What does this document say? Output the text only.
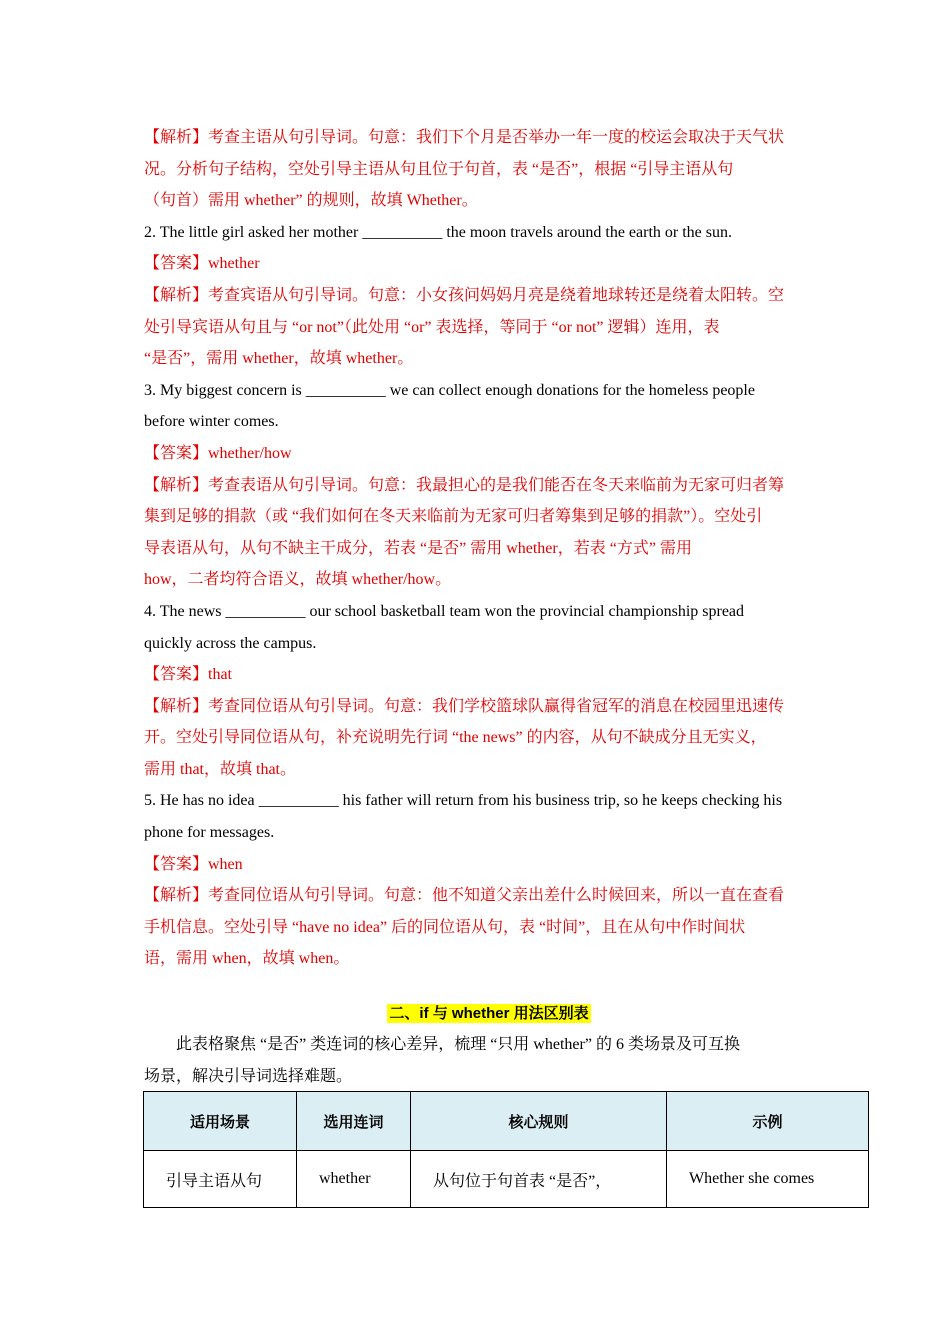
【解析】考查主语从句引导词。句意：我们下个月是否举办一年一度的校运会取决于天气状

况。分析句子结构，空处引导主语从句且位于句首，表 “是否”，根据 “引导主语从句

（句首）需用 whether” 的规则，故填 Whether。

2. The little girl asked her mother __________ the moon travels around the earth or the sun.

【答案】whether

【解析】考查宾语从句引导词。句意：小女孩问妈妈月亮是绕着地球转还是绕着太阳转。空

处引导宾语从句且与 “or not”（此处用 “or” 表选择，等同于 “or not” 逻辑）连用，表

“是否”，需用 whether，故填 whether。

3. My biggest concern is __________ we can collect enough donations for the homeless people

before winter comes.

【答案】whether/how

【解析】考查表语从句引导词。句意：我最担心的是我们能否在冬天来临前为无家可归者筹

集到足够的捐款（或 “我们如何在冬天来临前为无家可归者筹集到足够的捐款”）。空处引

导表语从句，从句不缺主干成分，若表 “是否” 需用 whether，若表 “方式” 需用

how，二者均符合语义，故填 whether/how。

4. The news __________ our school basketball team won the provincial championship spread

quickly across the campus.

【答案】that

【解析】考查同位语从句引导词。句意：我们学校篮球队赢得省冠军的消息在校园里迅速传

开。空处引导同位语从句，补充说明先行词 “the news” 的内容，从句不缺成分且无实义，

需用 that，故填 that。

5. He has no idea __________ his father will return from his business trip, so he keeps checking his

phone for messages.

【答案】when

【解析】考查同位语从句引导词。句意：他不知道父亲出差什么时候回来，所以一直在查看

手机信息。空处引导 “have no idea” 后的同位语从句，表 “时间”，且在从句中作时间状

语，需用 when，故填 when。

二、if 与 whether 用法区别表

此表格聚焦 “是否” 类连词的核心差异，梳理 “只用 whether” 的 6 类场景及可互换

场景，解决引导词选择难题。

适用场景	选用连词	核心规则	示例
引导主语从句	whether	从句位于句首表 “是否”，	Whether she comes
